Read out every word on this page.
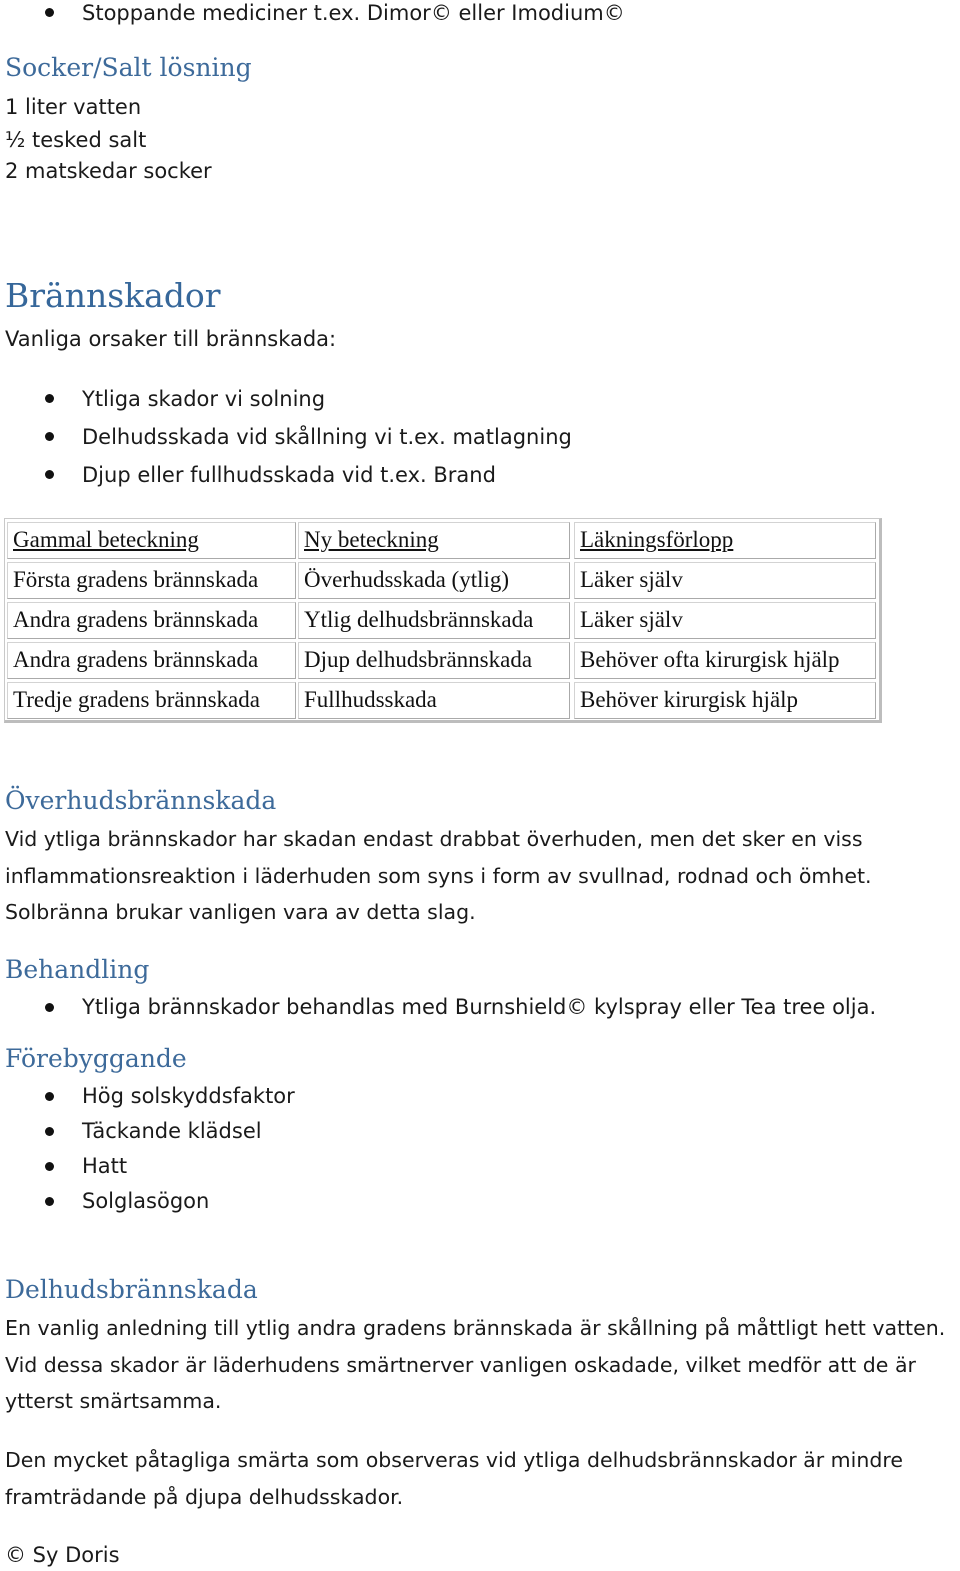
Stoppande mediciner t.ex. Dimor© eller Imodium©
Socker/Salt lösning
1 liter vatten
½ tesked salt
2 matskedar socker
Brännskador
Vanliga orsaker till brännskada:
Ytliga skador vi solning
Delhudsskada vid skållning vi t.ex. matlagning
Djup eller fullhudsskada vid t.ex. Brand
Gammal beteckning	Ny beteckning	Läkningsförlopp
Första gradens brännskada	Överhudsskada (ytlig)	Läker själv
Andra gradens brännskada	Ytlig delhudsbrännskada	Läker själv
Andra gradens brännskada	Djup delhudsbrännskada	Behöver ofta kirurgisk hjälp
Tredje gradens brännskada	Fullhudsskada	Behöver kirurgisk hjälp
Överhudsbrännskada
Vid ytliga brännskador har skadan endast drabbat överhuden, men det sker en viss
inflammationsreaktion i läderhuden som syns i form av svullnad, rodnad och ömhet.
Solbränna brukar vanligen vara av detta slag.
Behandling
Ytliga brännskador behandlas med Burnshield© kylspray eller Tea tree olja.
Förebyggande
Hög solskyddsfaktor
Täckande klädsel
Hatt
Solglasögon
Delhudsbrännskada
En vanlig anledning till ytlig andra gradens brännskada är skållning på måttligt hett vatten.
Vid dessa skador är läderhudens smärtnerver vanligen oskadade, vilket medför att de är
ytterst smärtsamma.
Den mycket påtagliga smärta som observeras vid ytliga delhudsbrännskador är mindre
framträdande på djupa delhudsskador.
© Sy Doris
